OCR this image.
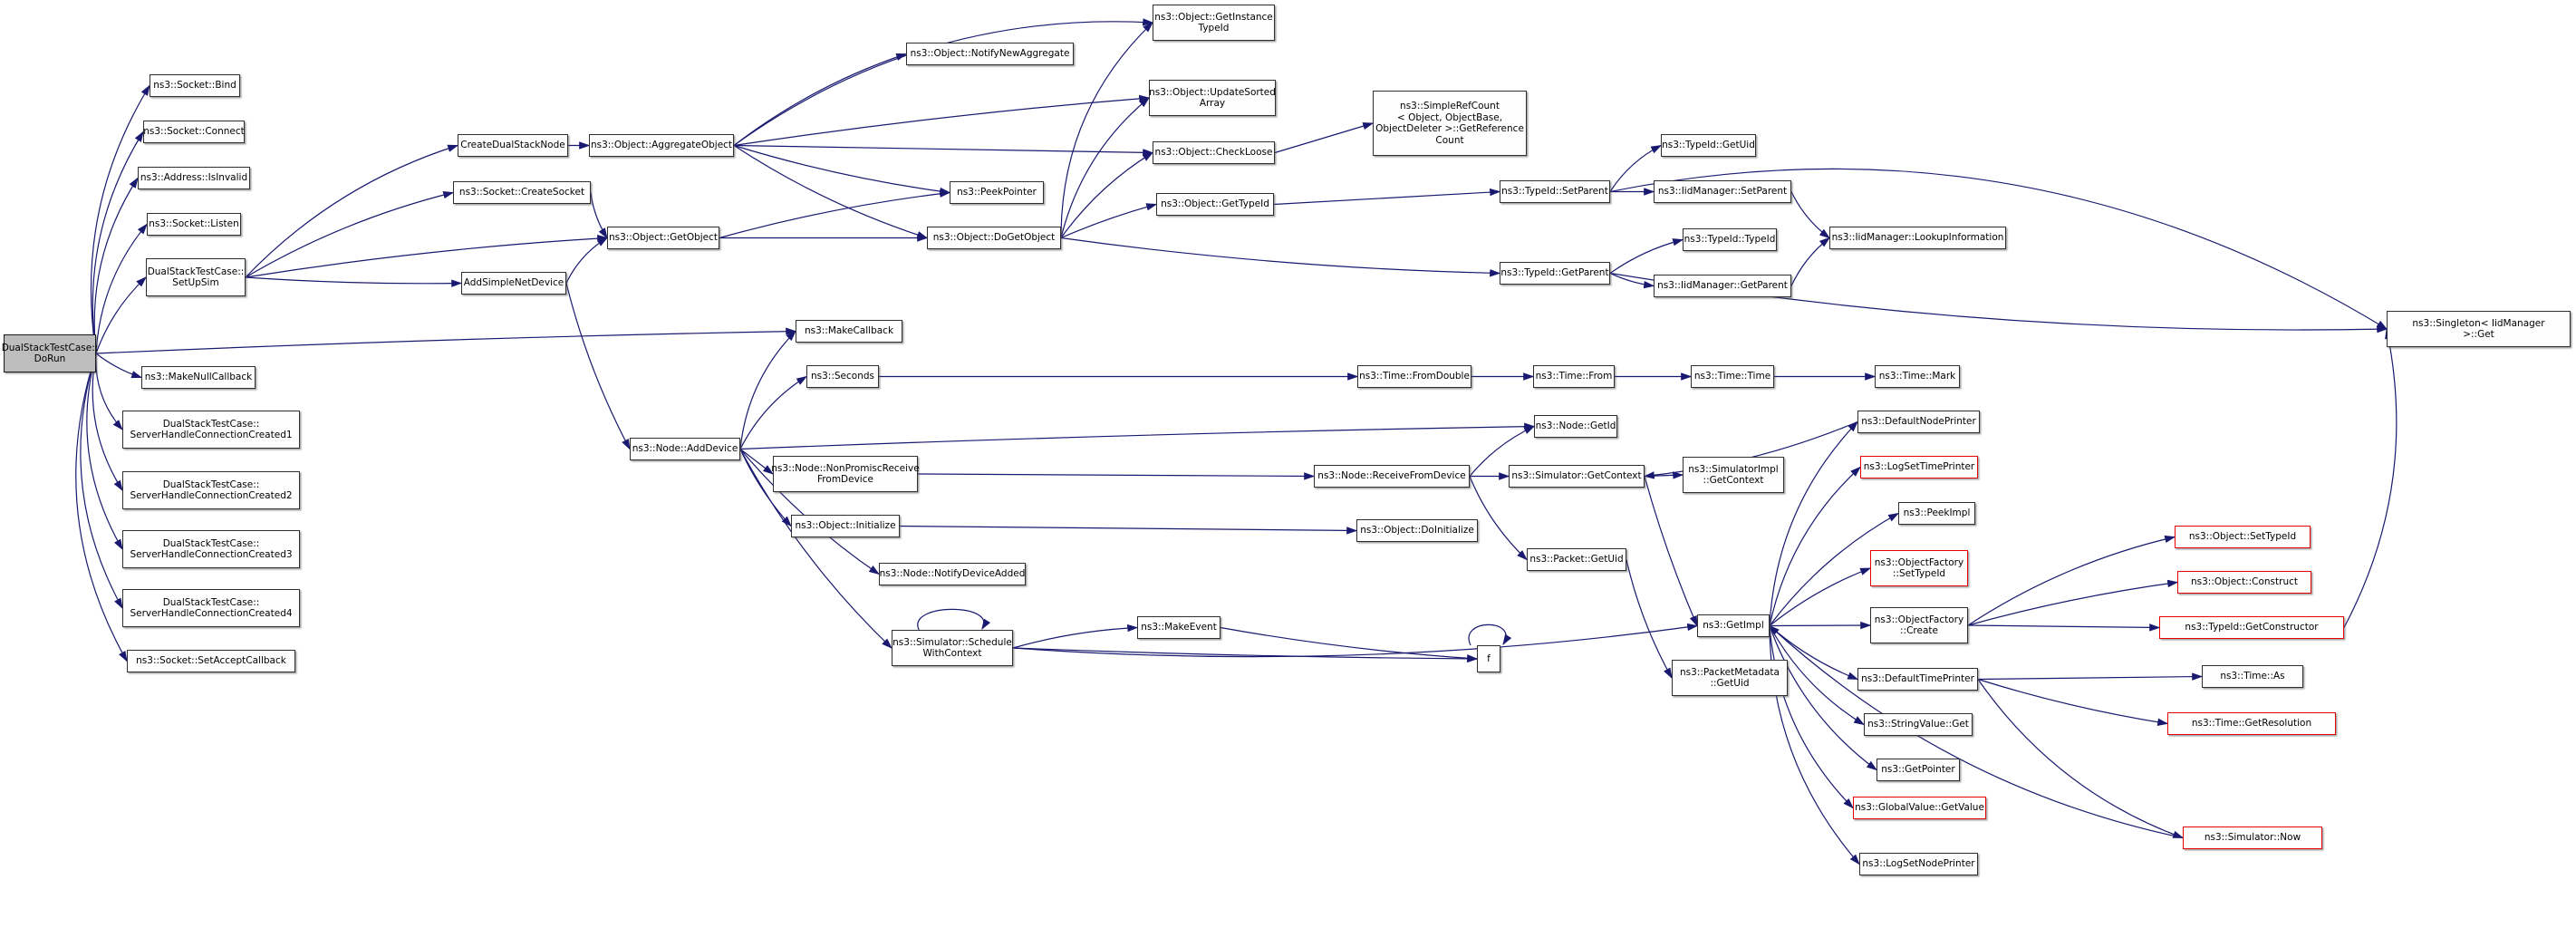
DualStackTestCase::
DoRun
ns3::Socket::Bind
ns3::Socket::Connect
ns3::Address::IsInvalid
ns3::Socket::Listen
DualStackTestCase::
SetUpSim
ns3::MakeNullCallback
DualStackTestCase::
ServerHandleConnectionCreated1
DualStackTestCase::
ServerHandleConnectionCreated2
DualStackTestCase::
ServerHandleConnectionCreated3
DualStackTestCase::
ServerHandleConnectionCreated4
ns3::Socket::SetAcceptCallback
CreateDualStackNode
ns3::Socket::CreateSocket
AddSimpleNetDevice
ns3::Object::AggregateObject
ns3::Object::GetObject
ns3::Object::NotifyNewAggregate
ns3::PeekPointer
ns3::Object::DoGetObject
ns3::Object::GetInstance
TypeId
ns3::Object::UpdateSorted
Array
ns3::Object::CheckLoose
ns3::Object::GetTypeId
ns3::SimpleRefCount
< Object, ObjectBase,
ObjectDeleter >::GetReference
Count	ns3::TypeId::GetUid
ns3::TypeId::SetParent	ns3::IidManager::SetParent
ns3::TypeId::TypeId
ns3::TypeId::GetParent
ns3::IidManager::GetParent
ns3::IidManager::LookupInformation
ns3::Singleton< IidManager
>::Get
ns3::MakeCallback
ns3::Node::AddDevice
ns3::Seconds	ns3::Time::FromDouble	ns3::Time::From	ns3::Time::Time	ns3::Time::Mark
ns3::Node::GetId
ns3::Node::NonPromiscReceive
FromDevice	ns3::Node::ReceiveFromDevice	ns3::Simulator::GetContext
ns3::SimulatorImpl
::GetContext
ns3::Object::Initialize	ns3::Object::DoInitialize
ns3::Node::NotifyDeviceAdded
ns3::Simulator::Schedule
WithContext
ns3::MakeEvent
f
ns3::Packet::GetUid
ns3::GetImpl
ns3::PacketMetadata
::GetUid
ns3::DefaultNodePrinter
ns3::LogSetTimePrinter
ns3::PeekImpl
ns3::ObjectFactory
::SetTypeId
ns3::ObjectFactory
::Create
ns3::DefaultTimePrinter
ns3::StringValue::Get
ns3::GetPointer
ns3::GlobalValue::GetValue
ns3::LogSetNodePrinter
ns3::Object::SetTypeId
ns3::Object::Construct
ns3::TypeId::GetConstructor
ns3::Time::As
ns3::Time::GetResolution
ns3::Simulator::Now
